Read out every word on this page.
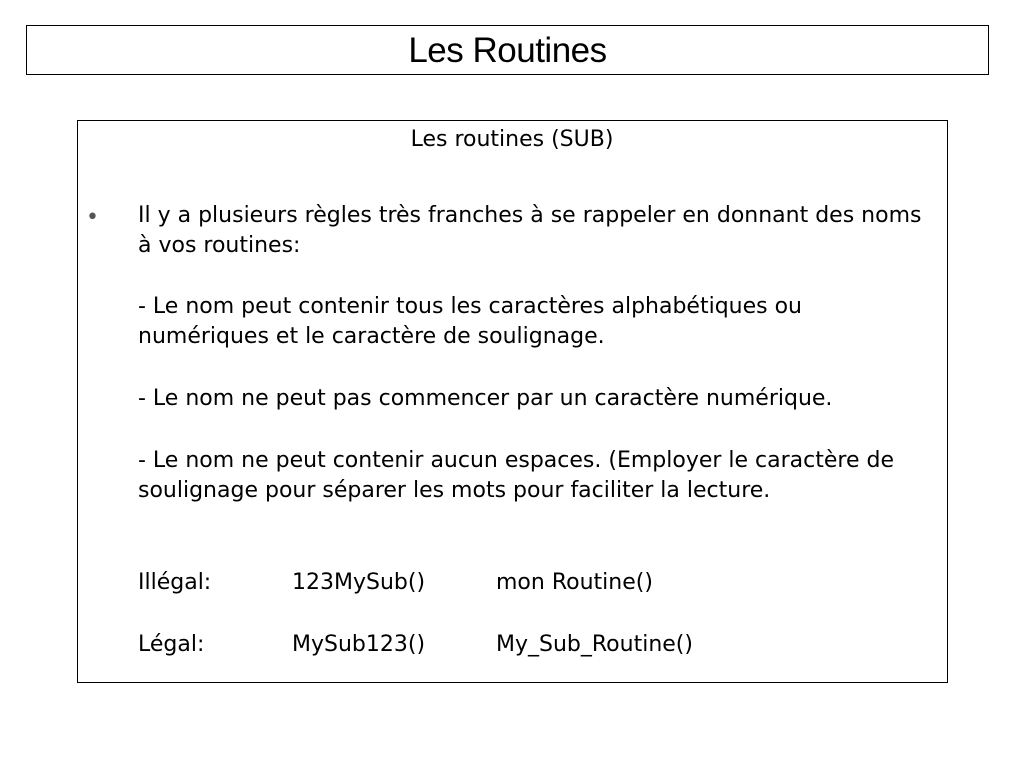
Les Routines
Les routines (SUB)
• Il y a plusieurs règles très franches à se rappeler en donnant des noms à vos routines:

- Le nom peut contenir tous les caractères alphabétiques ou numériques et le caractère de soulignage.

- Le nom ne peut pas commencer par un caractère numérique.

- Le nom ne peut contenir aucun espaces. (Employer le caractère de soulignage pour séparer les mots pour faciliter la lecture.

Illégal:	123MySub()	mon Routine()
Légal:	MySub123()	My_Sub_Routine()
